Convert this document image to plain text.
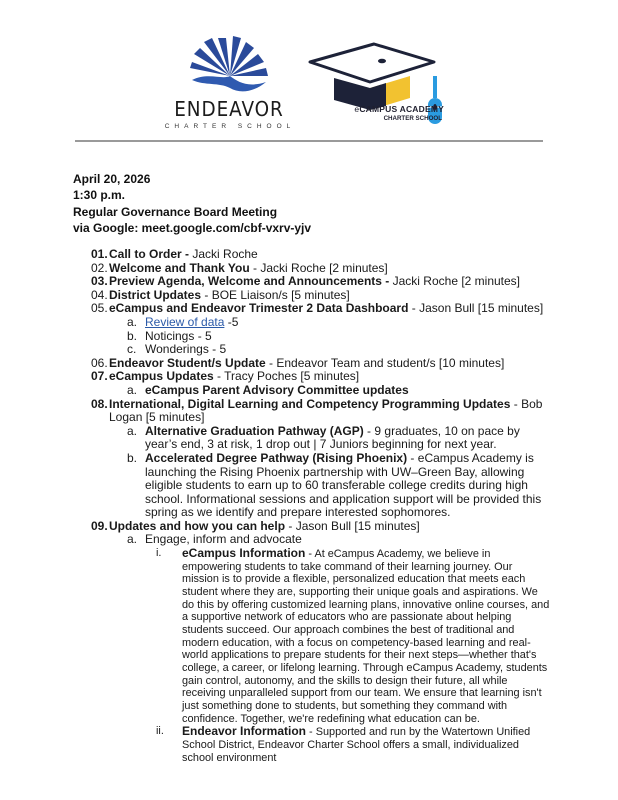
ENDEAVOR
CHARTER SCHOOL
eCAMPUS ACADEMY
CHARTER SCHOOL
April 20, 2026
1:30 p.m.
Regular Governance Board Meeting
via Google: meet.google.com/cbf-vxrv-yjv
01. Call to Order - Jacki Roche
02. Welcome and Thank You - Jacki Roche [2 minutes]
03. Preview Agenda, Welcome and Announcements - Jacki Roche [2 minutes]
04. District Updates - BOE Liaison/s [5 minutes]
05. eCampus and Endeavor Trimester 2 Data Dashboard - Jason Bull [15 minutes]
a. Review of data -5
b. Noticings - 5
c. Wonderings - 5
06. Endeavor Student/s Update - Endeavor Team and student/s [10 minutes]
07. eCampus Updates - Tracy Poches [5 minutes]
a. eCampus Parent Advisory Committee updates
08. International, Digital Learning and Competency Programming Updates - Bob Logan [5 minutes]
a. Alternative Graduation Pathway (AGP) - 9 graduates, 10 on pace by year’s end, 3 at risk, 1 drop out | 7 Juniors beginning for next year.
b. Accelerated Degree Pathway (Rising Phoenix) - eCampus Academy is launching the Rising Phoenix partnership with UW–Green Bay, allowing eligible students to earn up to 60 transferable college credits during high school. Informational sessions and application support will be provided this spring as we identify and prepare interested sophomores.
09. Updates and how you can help - Jason Bull [15 minutes]
a. Engage, inform and advocate
i.	eCampus Information - At eCampus Academy, we believe in empowering students to take command of their learning journey. Our mission is to provide a flexible, personalized education that meets each student where they are, supporting their unique goals and aspirations. We do this by offering customized learning plans, innovative online courses, and a supportive network of educators who are passionate about helping students succeed. Our approach combines the best of traditional and modern education, with a focus on competency-based learning and real-world applications to prepare students for their next steps—whether that's college, a career, or lifelong learning. Through eCampus Academy, students gain control, autonomy, and the skills to design their future, all while receiving unparalleled support from our team. We ensure that learning isn't just something done to students, but something they command with confidence. Together, we're redefining what education can be.
ii.	Endeavor Information - Supported and run by the Watertown Unified School District, Endeavor Charter School offers a small, individualized school environment
